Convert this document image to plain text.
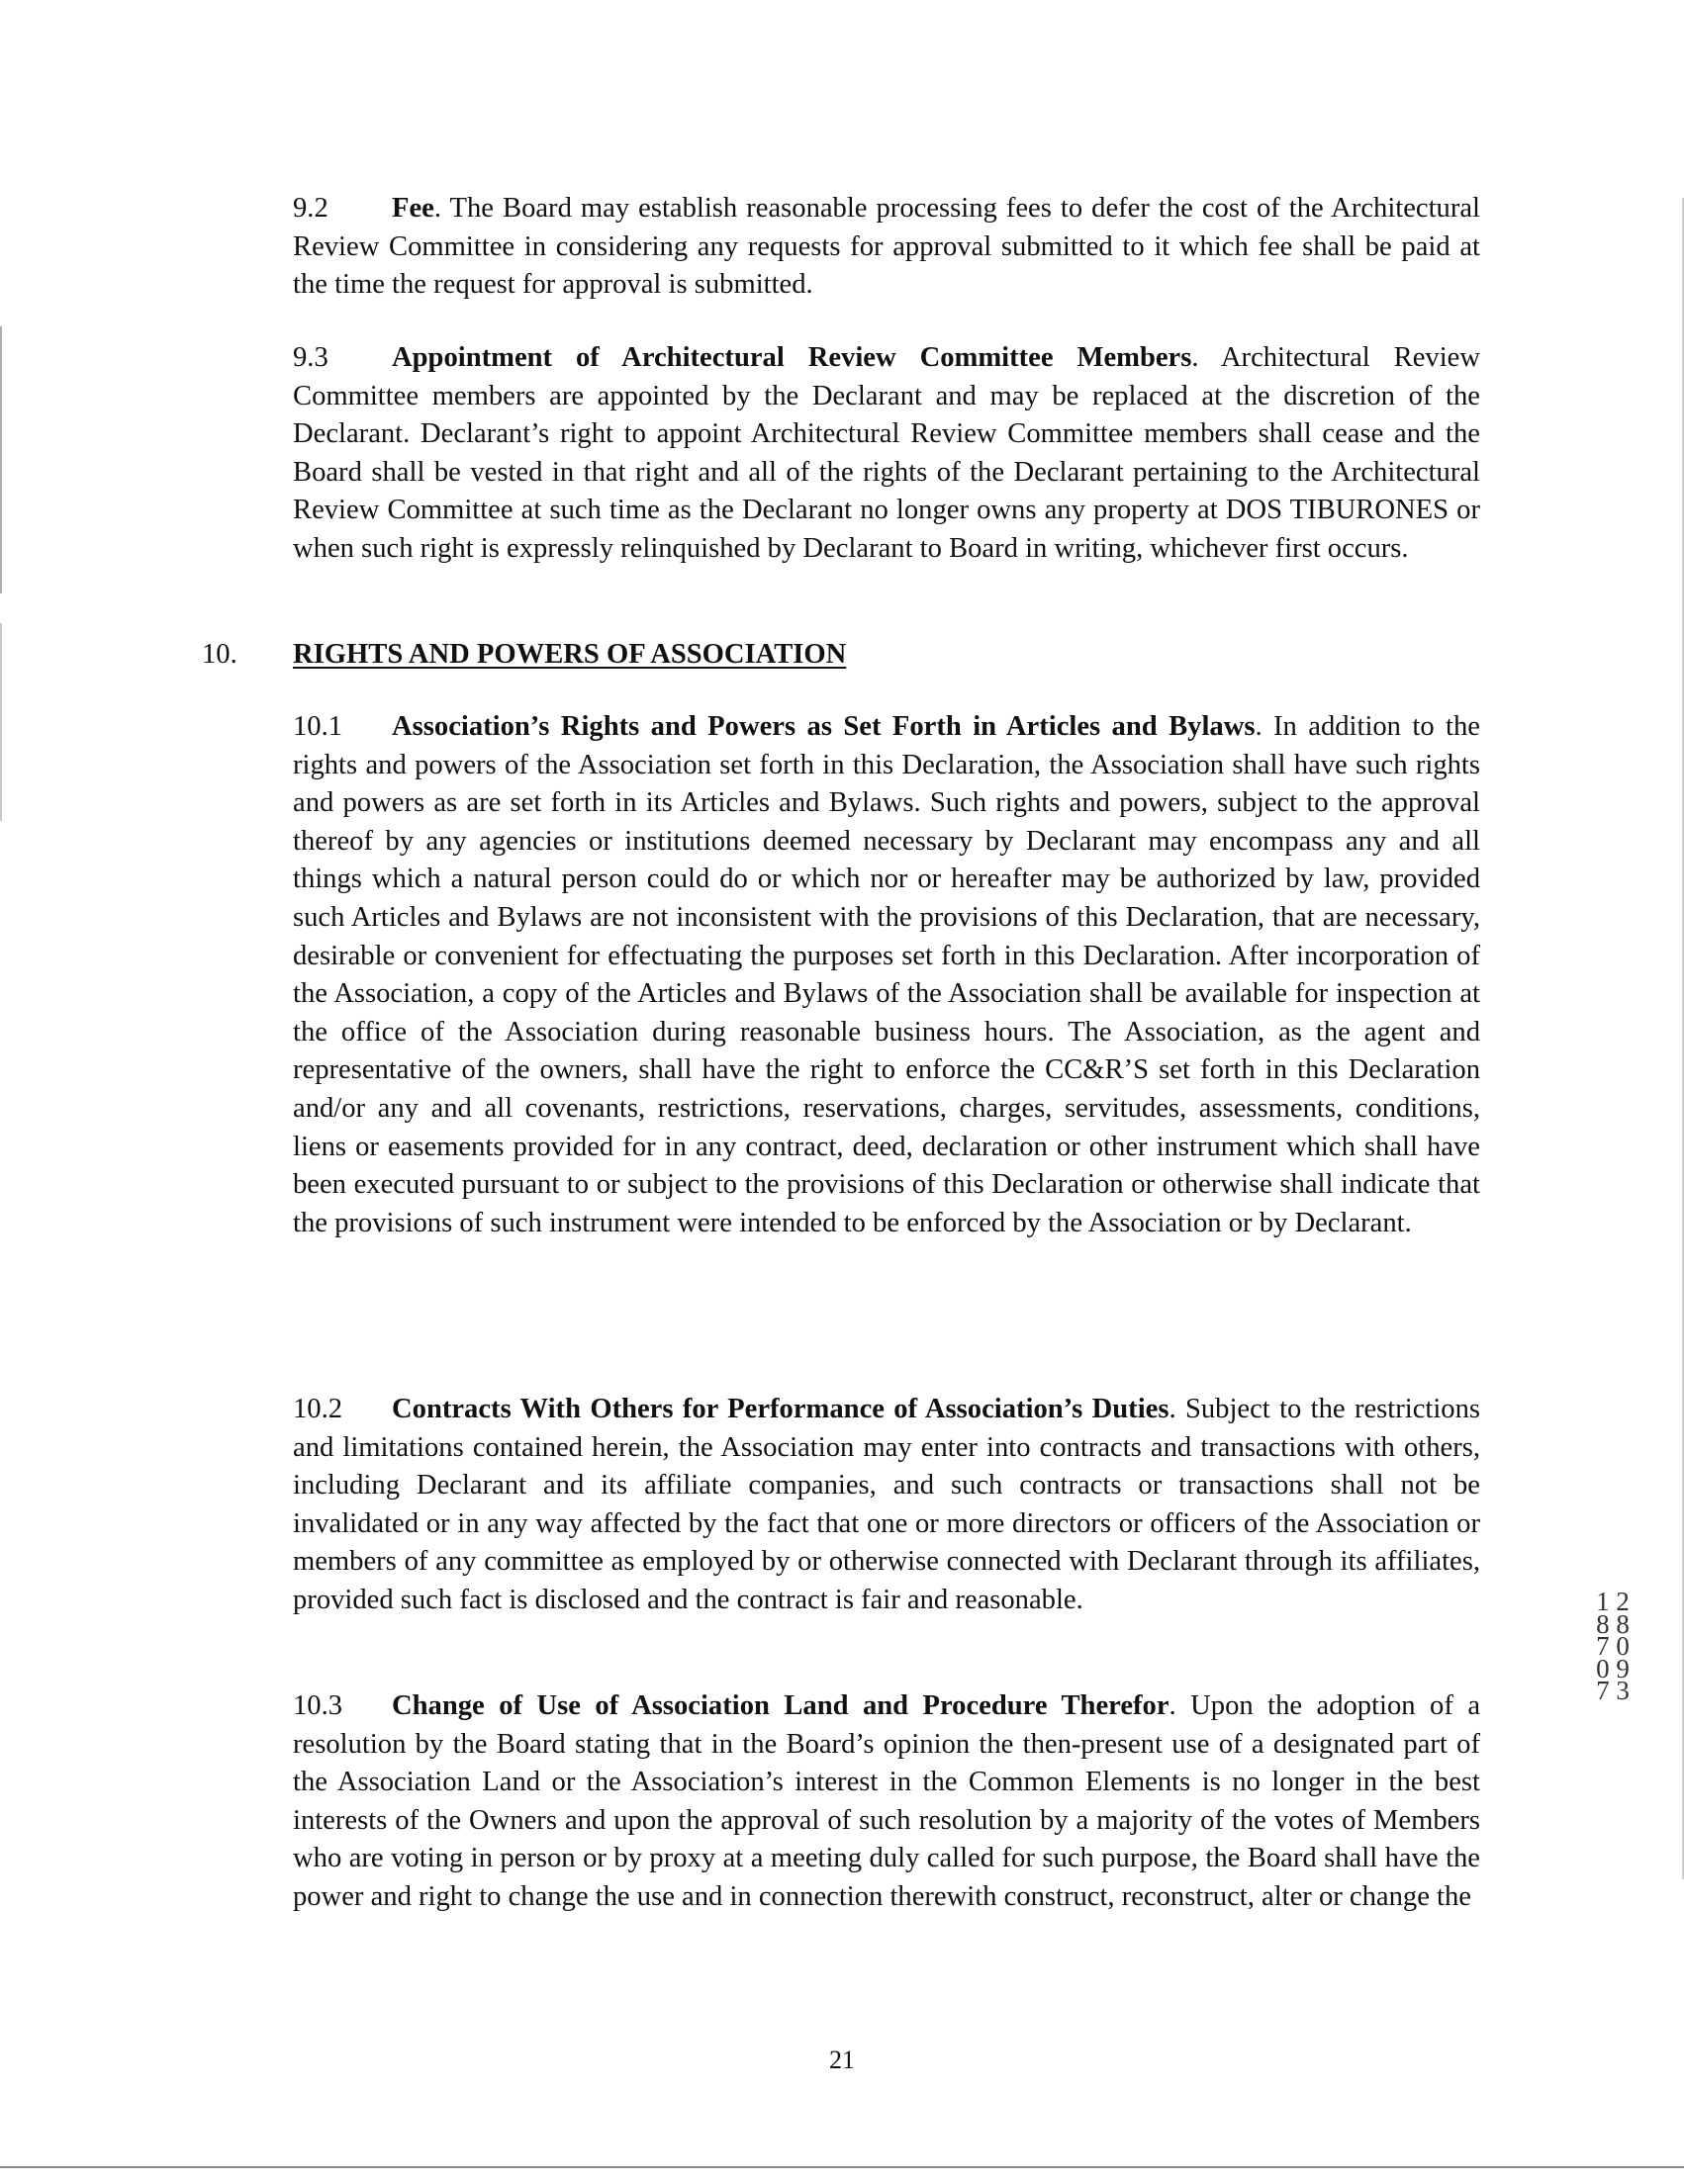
9.2 Fee. The Board may establish reasonable processing fees to defer the cost of the Architectural Review Committee in considering any requests for approval submitted to it which fee shall be paid at the time the request for approval is submitted.

9.3 Appointment of Architectural Review Committee Members. Architectural Review Committee members are appointed by the Declarant and may be replaced at the discretion of the Declarant. Declarant’s right to appoint Architectural Review Committee members shall cease and the Board shall be vested in that right and all of the rights of the Declarant pertaining to the Architectural Review Committee at such time as the Declarant no longer owns any property at DOS TIBURONES or when such right is expressly relinquished by Declarant to Board in writing, whichever first occurs.

10. RIGHTS AND POWERS OF ASSOCIATION

10.1 Association’s Rights and Powers as Set Forth in Articles and Bylaws. In addition to the rights and powers of the Association set forth in this Declaration, the Association shall have such rights and powers as are set forth in its Articles and Bylaws. Such rights and powers, subject to the approval thereof by any agencies or institutions deemed necessary by Declarant may encompass any and all things which a natural person could do or which nor or hereafter may be authorized by law, provided such Articles and Bylaws are not inconsistent with the provisions of this Declaration, that are necessary, desirable or convenient for effectuating the purposes set forth in this Declaration. After incorporation of the Association, a copy of the Articles and Bylaws of the Association shall be available for inspection at the office of the Association during reasonable business hours. The Association, as the agent and representative of the owners, shall have the right to enforce the CC&R’S set forth in this Declaration and/or any and all covenants, restrictions, reservations, charges, servitudes, assessments, conditions, liens or easements provided for in any contract, deed, declaration or other instrument which shall have been executed pursuant to or subject to the provisions of this Declaration or otherwise shall indicate that the provisions of such instrument were intended to be enforced by the Association or by Declarant.

10.2 Contracts With Others for Performance of Association’s Duties. Subject to the restrictions and limitations contained herein, the Association may enter into contracts and transactions with others, including Declarant and its affiliate companies, and such contracts or transactions shall not be invalidated or in any way affected by the fact that one or more directors or officers of the Association or members of any committee as employed by or otherwise connected with Declarant through its affiliates, provided such fact is disclosed and the contract is fair and reasonable.

10.3 Change of Use of Association Land and Procedure Therefor. Upon the adoption of a resolution by the Board stating that in the Board’s opinion the then-present use of a designated part of the Association Land or the Association’s interest in the Common Elements is no longer in the best interests of the Owners and upon the approval of such resolution by a majority of the votes of Members who are voting in person or by proxy at a meeting duly called for such purpose, the Board shall have the power and right to change the use and in connection therewith construct, reconstruct, alter or change the

1 2 8 8 7 0 0 9 7 3
21
